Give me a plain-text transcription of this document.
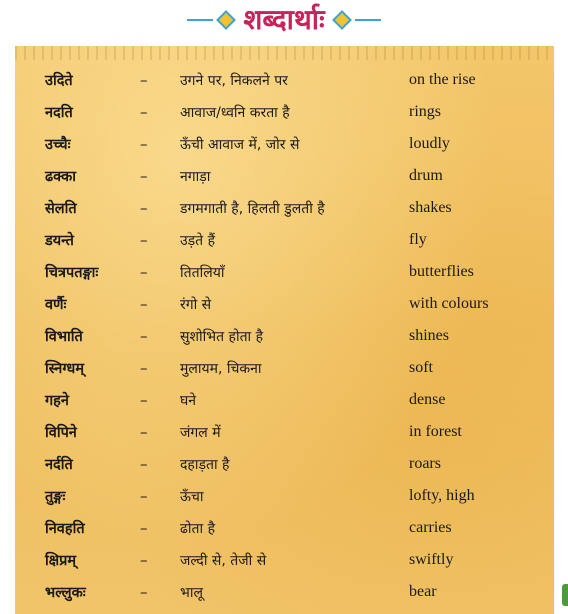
शब्दार्थाः
उदिते	– उगने पर, निकलने पर	on the rise
नदति	– आवाज/ध्वनि करता है	rings
उच्चैः	– ऊँची आवाज में, जोर से	loudly
ढक्का	– नगाड़ा	drum
सेलति	– डगमगाती है, हिलती डुलती है	shakes
डयन्ते	– उड़ते हैं	fly
चित्रपतङ्गाः	– तितलियाँ	butterflies
वर्णैः	– रंगो से	with colours
विभाति	– सुशोभित होता है	shines
स्निग्धम्	– मुलायम, चिकना	soft
गहने	– घने	dense
विपिने	– जंगल में	in forest
नर्दति	– दहाड़ता है	roars
तुङ्गः	– ऊँचा	lofty, high
निवहति	– ढोता है	carries
क्षिप्रम्	– जल्दी से, तेजी से	swiftly
भल्लुकः	– भालू	bear
